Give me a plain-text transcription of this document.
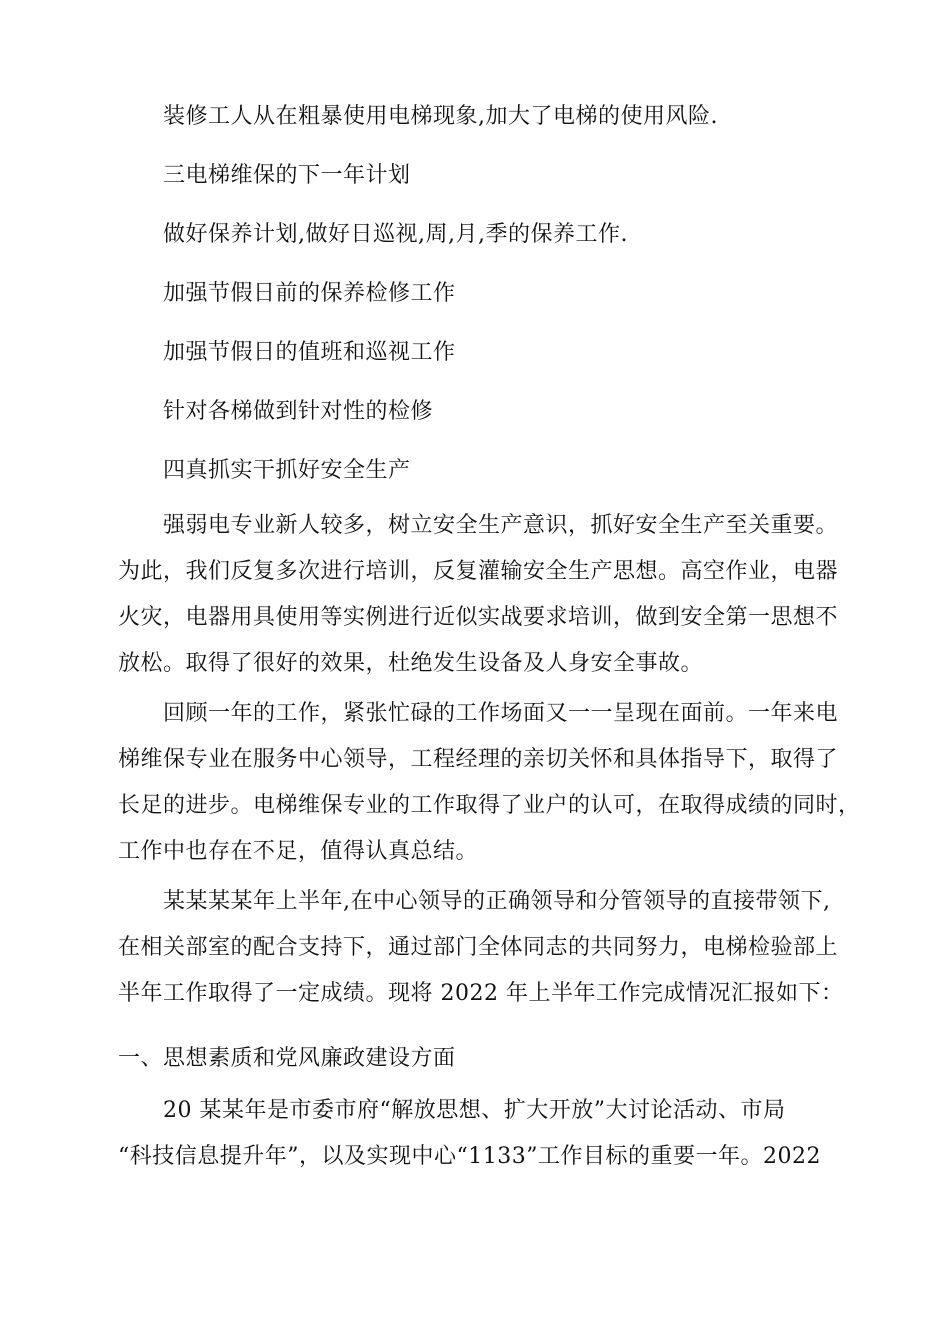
装修工人从在粗暴使用电梯现象,加大了电梯的使用风险.
三电梯维保的下一年计划
做好保养计划,做好日巡视,周,月,季的保养工作.
加强节假日前的保养检修工作
加强节假日的值班和巡视工作
针对各梯做到针对性的检修
四真抓实干抓好安全生产
　　强弱电专业新人较多，树立安全生产意识，抓好安全生产至关重要。
为此，我们反复多次进行培训，反复灌输安全生产思想。高空作业，电器
火灾，电器用具使用等实例进行近似实战要求培训，做到安全第一思想不
放松。取得了很好的效果，杜绝发生设备及人身安全事故。
　　回顾一年的工作，紧张忙碌的工作场面又一一呈现在面前。一年来电
梯维保专业在服务中心领导，工程经理的亲切关怀和具体指导下，取得了
长足的进步。电梯维保专业的工作取得了业户的认可，在取得成绩的同时，
工作中也存在不足，值得认真总结。
　　某某某某年上半年,在中心领导的正确领导和分管领导的直接带领下,
在相关部室的配合支持下，通过部门全体同志的共同努力，电梯检验部上
半年工作取得了一定成绩。现将 2022 年上半年工作完成情况汇报如下：
一、思想素质和党风廉政建设方面
　　20 某某年是市委市府“解放思想、扩大开放”大讨论活动、市局
“科技信息提升年”，以及实现中心“1133”工作目标的重要一年。2022
